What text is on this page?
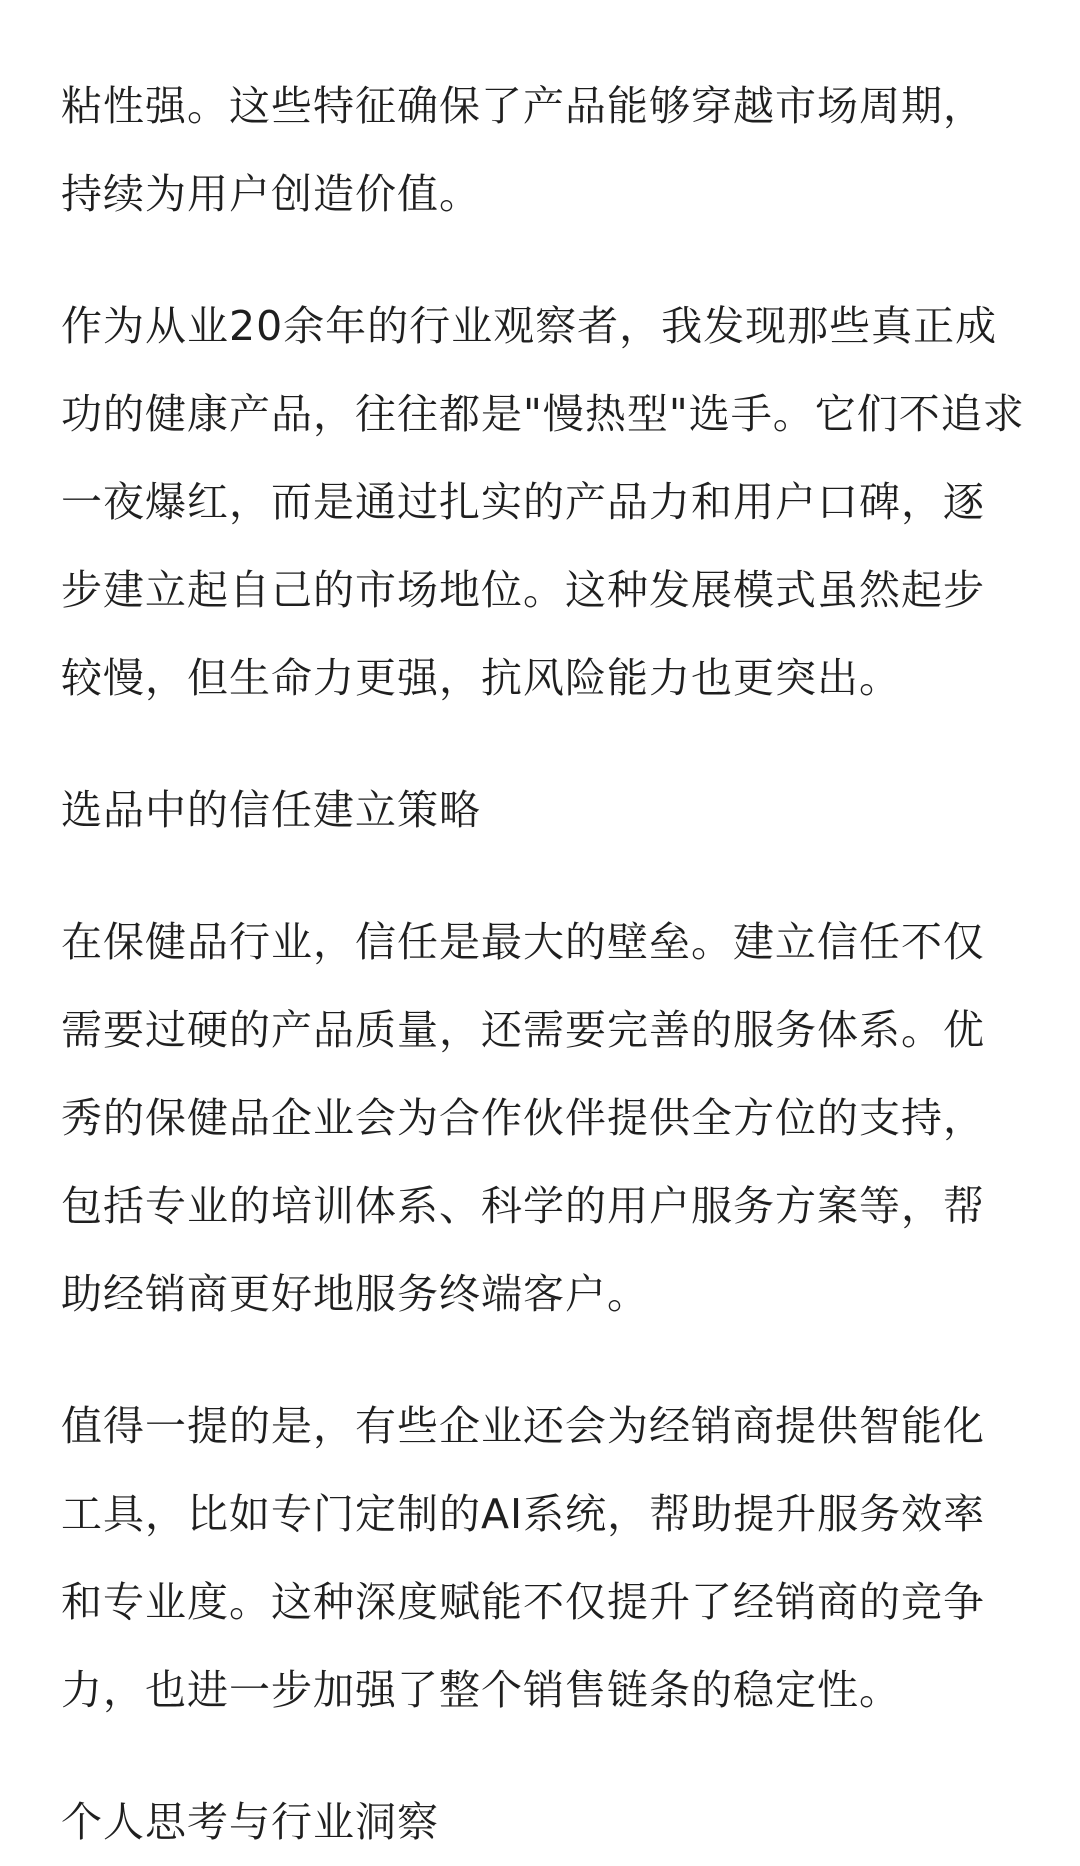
粘性强。这些特征确保了产品能够穿越市场周期，持续为用户创造价值。

作为从业20余年的行业观察者，我发现那些真正成功的健康产品，往往都是"慢热型"选手。它们不追求一夜爆红，而是通过扎实的产品力和用户口碑，逐步建立起自己的市场地位。这种发展模式虽然起步较慢，但生命力更强，抗风险能力也更突出。

选品中的信任建立策略

在保健品行业，信任是最大的壁垒。建立信任不仅需要过硬的产品质量，还需要完善的服务体系。优秀的保健品企业会为合作伙伴提供全方位的支持，包括专业的培训体系、科学的用户服务方案等，帮助经销商更好地服务终端客户。

值得一提的是，有些企业还会为经销商提供智能化工具，比如专门定制的AI系统，帮助提升服务效率和专业度。这种深度赋能不仅提升了经销商的竞争力，也进一步加强了整个销售链条的稳定性。

个人思考与行业洞察
